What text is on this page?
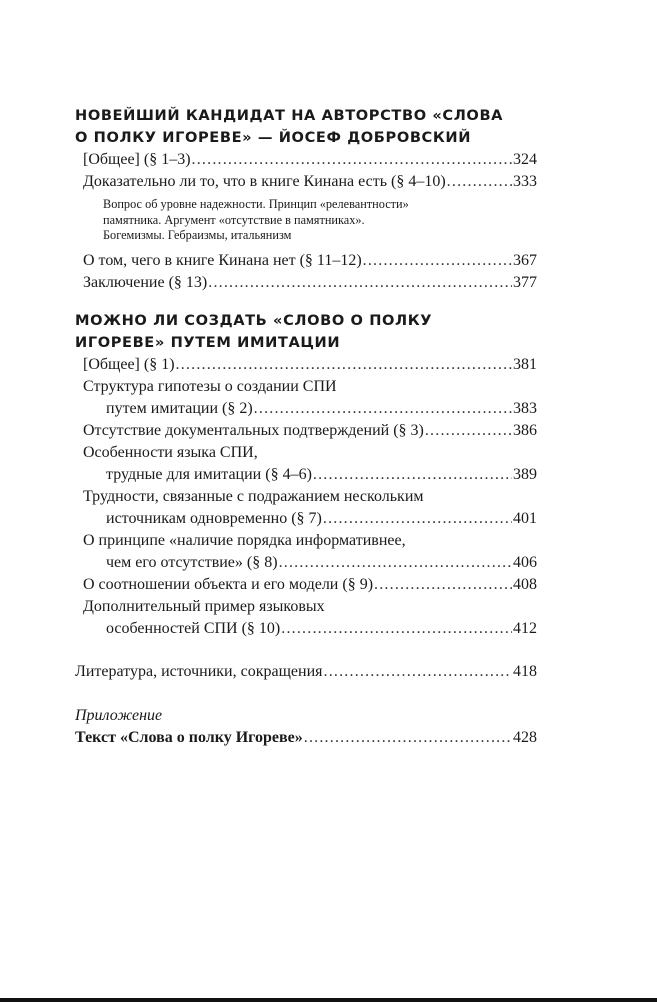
НОВЕЙШИЙ КАНДИДАТ НА АВТОРСТВО «СЛОВА
О ПОЛКУ ИГОРЕВЕ» — ЙОСЕФ ДОБРОВСКИЙ
[Общее] (§ 1–3) .....	324
Доказательно ли то, что в книге Кинана есть (§ 4–10) .....	333
Вопрос об уровне надежности. Принцип «релевантности»
памятника. Аргумент «отсутствие в памятниках».
Богемизмы. Гебраизмы, итальянизм
О том, чего в книге Кинана нет (§ 11–12) .....	367
Заключение (§ 13) .....	377
МОЖНО ЛИ СОЗДАТЬ «СЛОВО О ПОЛКУ
ИГОРЕВЕ» ПУТЕМ ИМИТАЦИИ
[Общее] (§ 1) .....	381
Структура гипотезы о создании СПИ
путем имитации (§ 2) .....	383
Отсутствие документальных подтверждений (§ 3) .....	386
Особенности языка СПИ,
трудные для имитации (§ 4–6) .....	389
Трудности, связанные с подражанием нескольким
источникам одновременно (§ 7) .....	401
О принципе «наличие порядка информативнее,
чем его отсутствие» (§ 8) .....	406
О соотношении объекта и его модели (§ 9) .....	408
Дополнительный пример языковых
особенностей СПИ (§ 10) .....	412
Литература, источники, сокращения .....	418
Приложение
Текст «Слова о полку Игореве» .....	428
